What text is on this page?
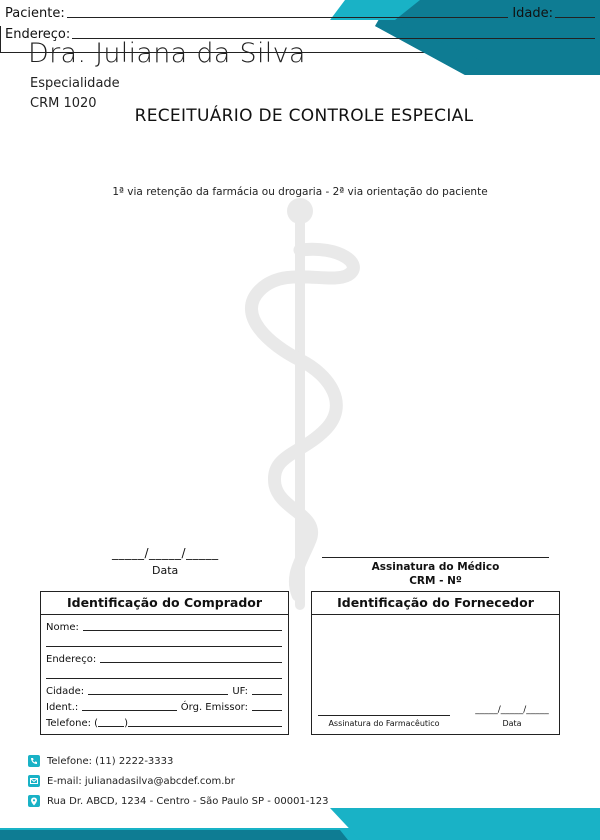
Dra. Juliana da Silva
Especialidade
CRM 1020
RECEITUÁRIO DE CONTROLE ESPECIAL
Paciente:	Idade:
Endereço:
1ª via retenção da farmácia ou drogaria - 2ª via orientação do paciente
_____/_____/_____
Data	Assinatura do Médico
CRM - Nº
Identificação do Comprador
Nome:
Endereço:
Cidade:	UF:
Ident.:	Órg. Emissor:
Telefone: (	)
Identificação do Fornecedor
Assinatura do Farmacêutico
_____/_____/_____
Data
Telefone: (11) 2222-3333
E-mail: julianadasilva@abcdef.com.br
Rua Dr. ABCD, 1234 - Centro - São Paulo SP - 00001-123
